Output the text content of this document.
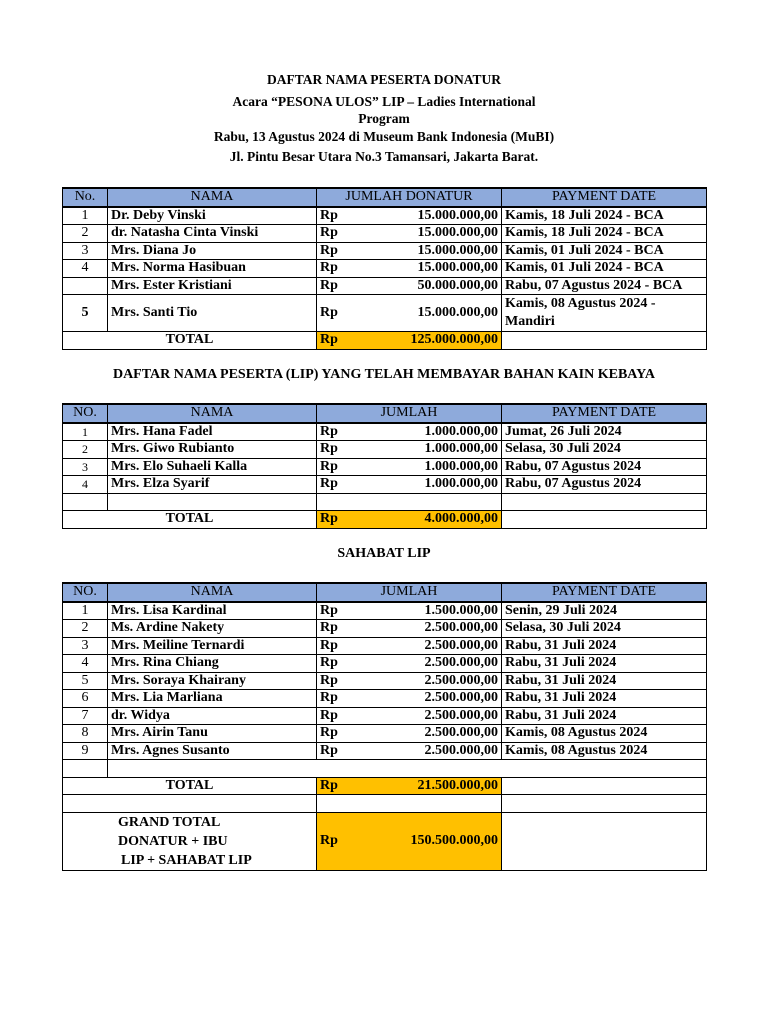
DAFTAR NAMA PESERTA DONATUR
Acara “PESONA ULOS” LIP – Ladies International
Program
Rabu, 13 Agustus 2024 di Museum Bank Indonesia (MuBI)
Jl. Pintu Besar Utara No.3 Tamansari, Jakarta Barat.
No.	NAMA	JUMLAH DONATUR		PAYMENT DATE
1	Dr. Deby Vinski	Rp	15.000.000,00	Kamis, 18 Juli 2024 - BCA
2	dr. Natasha Cinta Vinski	Rp	15.000.000,00	Kamis, 18 Juli 2024 - BCA
3	Mrs. Diana Jo	Rp	15.000.000,00	Kamis, 01 Juli 2024 - BCA
4	Mrs. Norma Hasibuan	Rp	15.000.000,00	Kamis, 01 Juli 2024 - BCA
	Mrs. Ester Kristiani	Rp	50.000.000,00	Rabu, 07 Agustus 2024 - BCA
5	Mrs. Santi Tio	Rp	15.000.000,00	Kamis, 08 Agustus 2024 -
Mandiri
TOTAL		Rp	125.000.000,00	
DAFTAR NAMA PESERTA (LIP) YANG TELAH MEMBAYAR BAHAN KAIN KEBAYA
NO.	NAMA	JUMLAH		PAYMENT DATE
1	Mrs. Hana Fadel	Rp	1.000.000,00	Jumat, 26 Juli 2024
2	Mrs. Giwo Rubianto	Rp	1.000.000,00	Selasa, 30 Juli 2024
3	Mrs. Elo Suhaeli Kalla	Rp	1.000.000,00	Rabu, 07 Agustus 2024
4	Mrs. Elza Syarif	Rp	1.000.000,00	Rabu, 07 Agustus 2024

TOTAL		Rp	4.000.000,00	
SAHABAT LIP
NO.	NAMA	JUMLAH		PAYMENT DATE
1	Mrs. Lisa Kardinal	Rp	1.500.000,00	Senin, 29 Juli 2024
2	Ms. Ardine Nakety	Rp	2.500.000,00	Selasa, 30 Juli 2024
3	Mrs. Meiline Ternardi	Rp	2.500.000,00	Rabu, 31 Juli 2024
4	Mrs. Rina Chiang	Rp	2.500.000,00	Rabu, 31 Juli 2024
5	Mrs. Soraya Khairany	Rp	2.500.000,00	Rabu, 31 Juli 2024
6	Mrs. Lia Marliana	Rp	2.500.000,00	Rabu, 31 Juli 2024
7	dr. Widya	Rp	2.500.000,00	Rabu, 31 Juli 2024
8	Mrs. Airin Tanu	Rp	2.500.000,00	Kamis, 08 Agustus 2024
9	Mrs. Agnes Susanto	Rp	2.500.000,00	Kamis, 08 Agustus 2024

TOTAL		Rp	21.500.000,00	

GRAND TOTAL
DONATUR + IBU
LIP + SAHABAT LIP		Rp	150.500.000,00	
